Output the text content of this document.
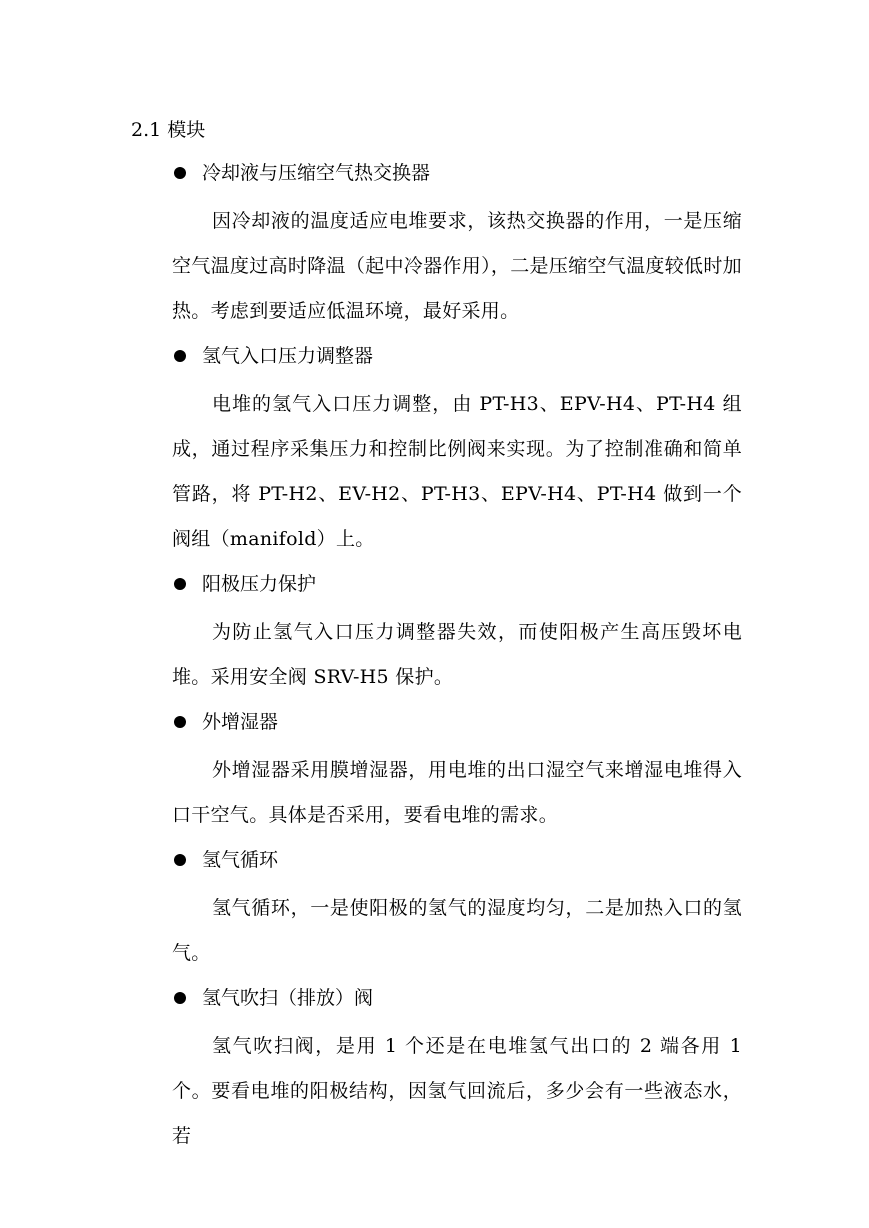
2.1 模块
冷却液与压缩空气热交换器

因冷却液的温度适应电堆要求，该热交换器的作用，一是压缩空气温度过高时降温（起中冷器作用），二是压缩空气温度较低时加热。考虑到要适应低温环境，最好采用。

氢气入口压力调整器

电堆的氢气入口压力调整，由 PT-H3、EPV-H4、PT-H4 组成，通过程序采集压力和控制比例阀来实现。为了控制准确和简单管路，将 PT-H2、EV-H2、PT-H3、EPV-H4、PT-H4 做到一个阀组（manifold）上。

阳极压力保护

为防止氢气入口压力调整器失效，而使阳极产生高压毁坏电堆。采用安全阀 SRV-H5 保护。

外增湿器

外增湿器采用膜增湿器，用电堆的出口湿空气来增湿电堆得入口干空气。具体是否采用，要看电堆的需求。

氢气循环

氢气循环，一是使阳极的氢气的湿度均匀，二是加热入口的氢气。

氢气吹扫（排放）阀

氢气吹扫阀，是用 1 个还是在电堆氢气出口的 2 端各用 1 个。要看电堆的阳极结构，因氢气回流后，多少会有一些液态水，若
